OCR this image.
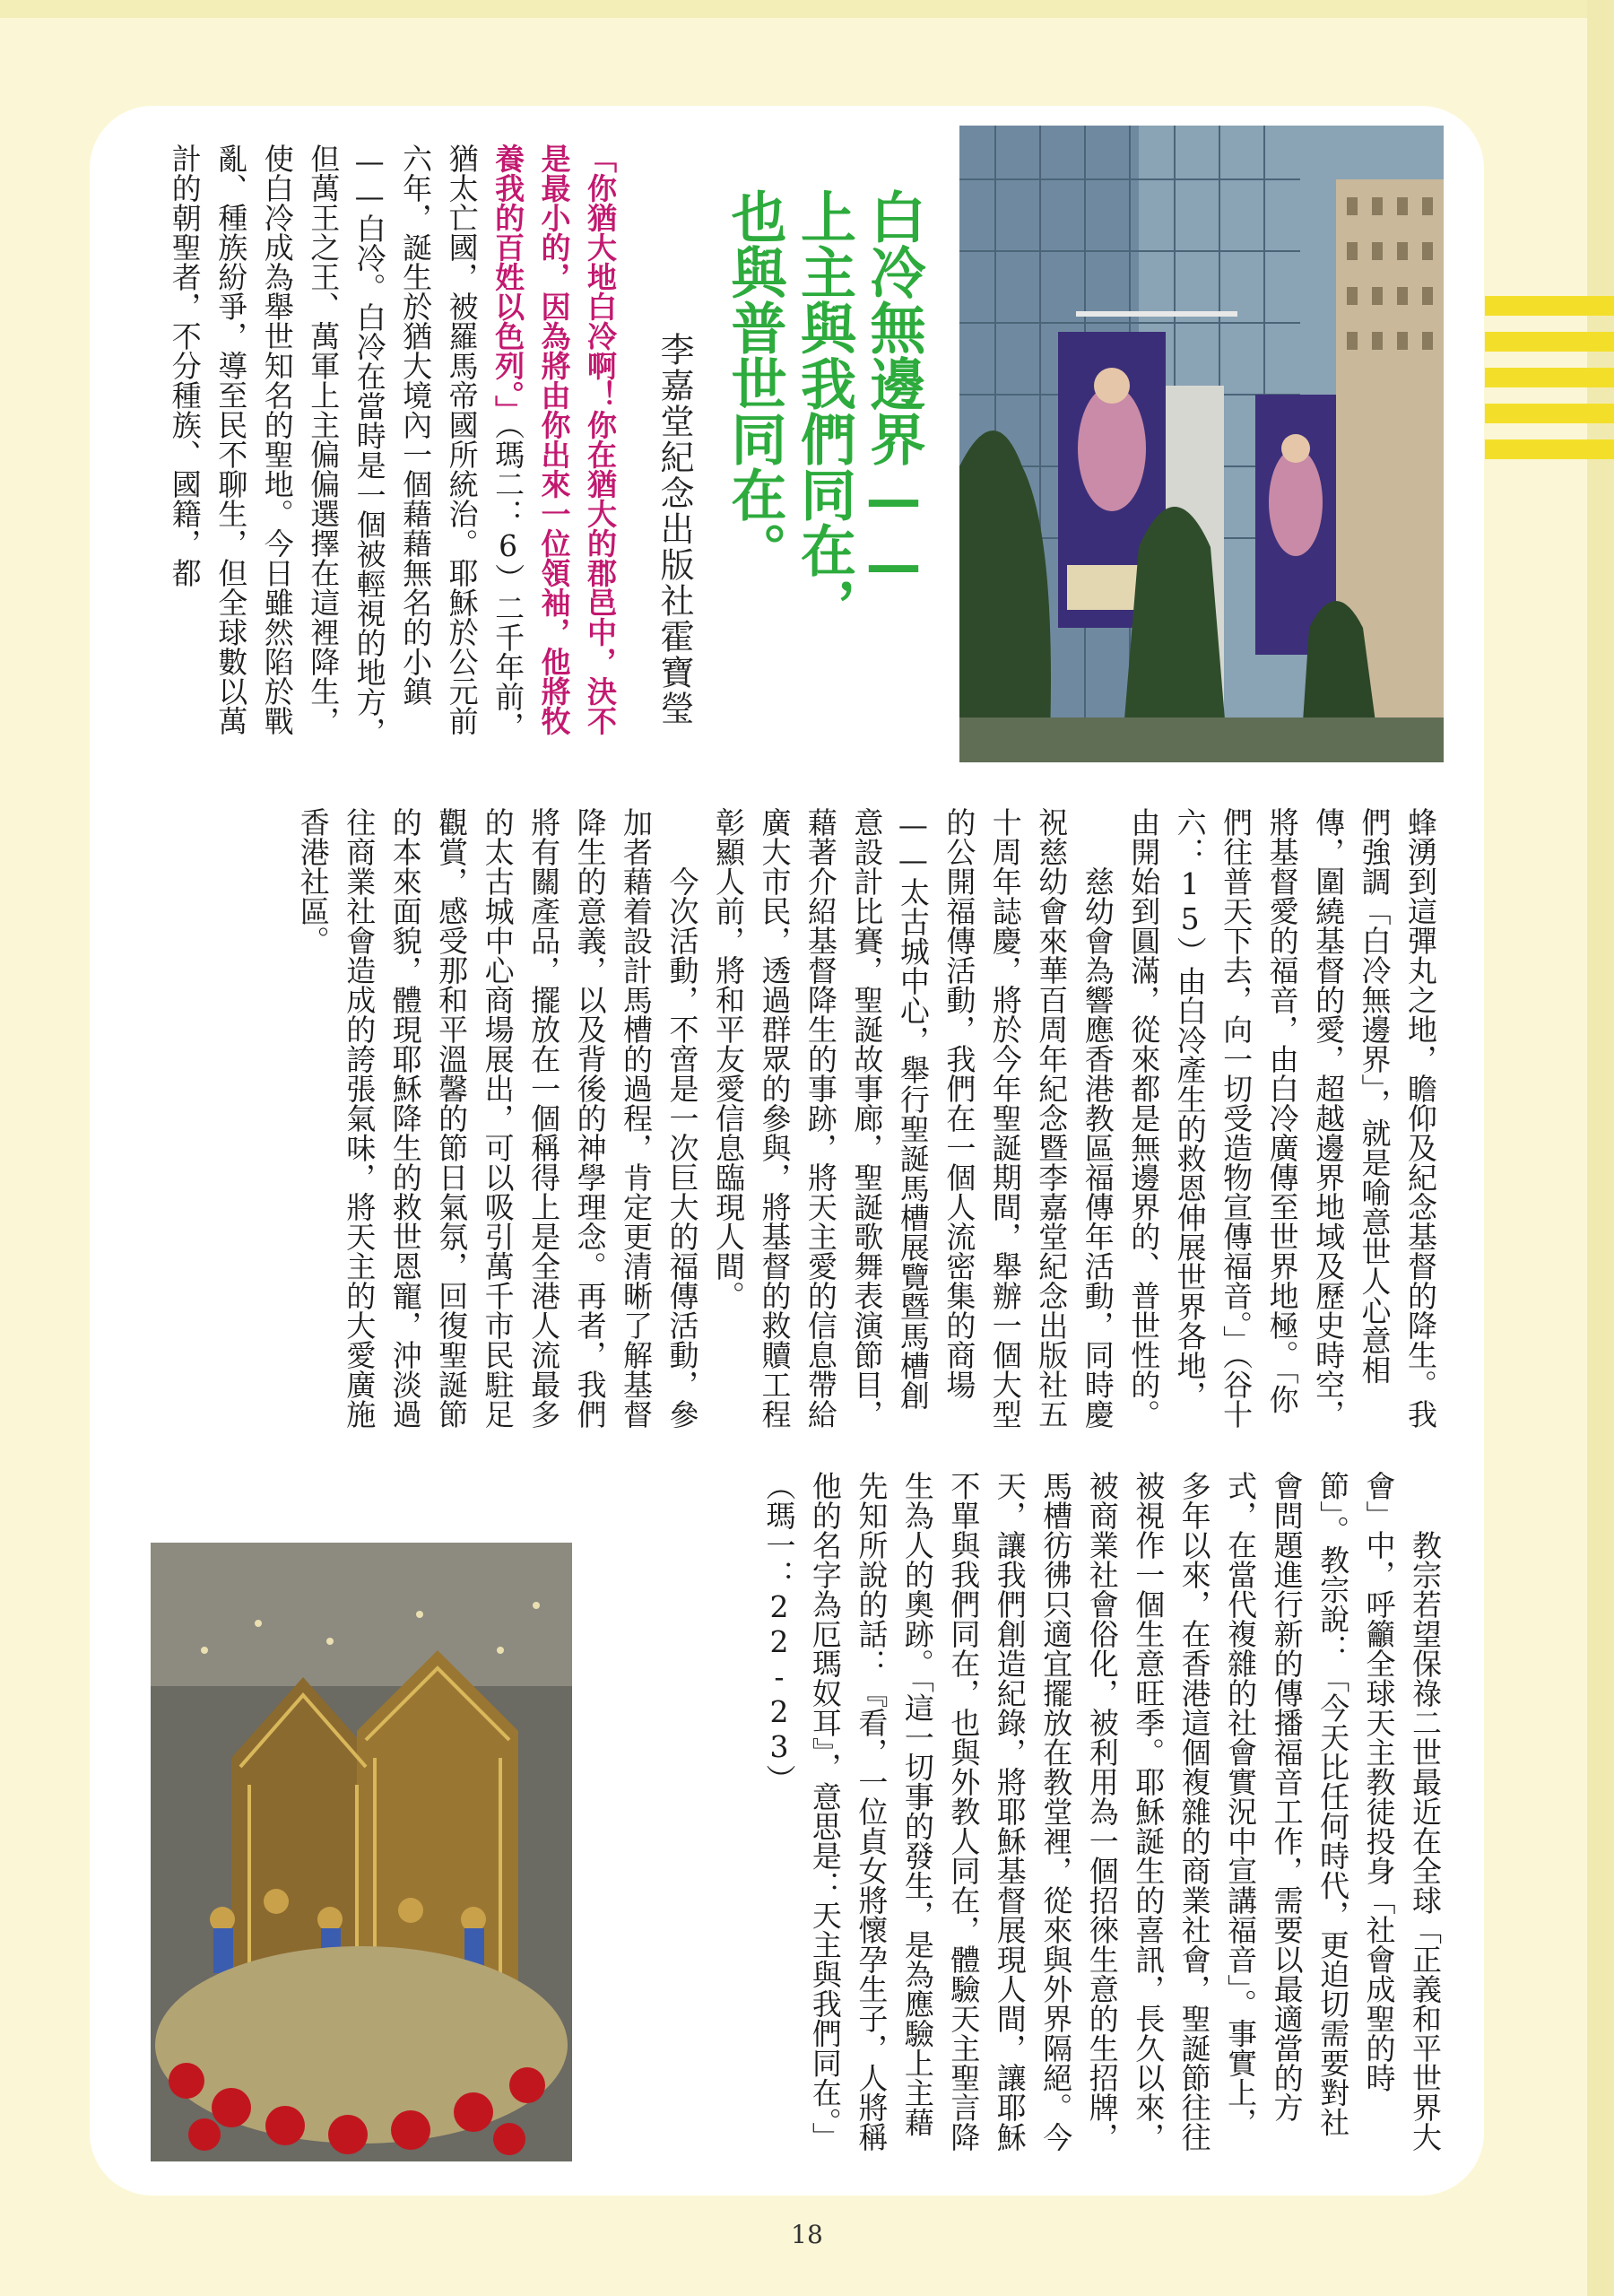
白冷無邊界——
上主與我們同在，
也與普世同在。

李嘉堂紀念出版社霍寶瑩

「你猶大地白冷啊！你在猶大的郡邑中，決不是最小的，因為將由你出來一位領袖，他將牧養我的百姓以色列。」（瑪二：6）二千年前，猶太亡國，被羅馬帝國所統治。耶穌於公元前六年，誕生於猶大境內一個藉藉無名的小鎮——白冷。白冷在當時是一個被輕視的地方，但萬王之王、萬軍上主偏偏選擇在這裡降生，使白冷成為舉世知名的聖地。今日雖然陷於戰亂、種族紛爭，導至民不聊生，但全球數以萬計的朝聖者，不分種族、國籍，都

蜂湧到這彈丸之地，瞻仰及紀念基督的降生。我們強調「白冷無邊界」，就是喻意世人心意相傳，圍繞基督的愛，超越邊界地域及歷史時空，將基督愛的福音，由白冷廣傳至世界地極。「你們往普天下去，向一切受造物宣傳福音。」（谷十六：15）由白冷產生的救恩伸展世界各地，由開始到圓滿，從來都是無邊界的、普世性的。

慈幼會為響應香港教區福傳年活動，同時慶祝慈幼會來華百周年紀念暨李嘉堂紀念出版社五十周年誌慶，將於今年聖誕期間，舉辦一個大型的公開福傳活動，我們在一個人流密集的商場——太古城中心，舉行聖誕馬槽展覽暨馬槽創意設計比賽，聖誕故事廊，聖誕歌舞表演節目，藉著介紹基督降生的事跡，將天主愛的信息帶給廣大市民，透過群眾的參與，將基督的救贖工程彰顯人前，將和平友愛信息臨現人間。

今次活動，不啻是一次巨大的福傳活動，參加者藉着設計馬槽的過程，肯定更清晰了解基督降生的意義，以及背後的神學理念。再者，我們將有關產品，擺放在一個稱得上是全港人流最多的太古城中心商場展出，可以吸引萬千市民駐足觀賞，感受那和平溫馨的節日氣氛，回復聖誕節的本來面貌，體現耶穌降生的救世恩寵，沖淡過往商業社會造成的誇張氣味，將天主的大愛廣施香港社區。

教宗若望保祿二世最近在全球「正義和平世界大會」中，呼籲全球天主教徒投身「社會成聖的時節」。教宗說：「今天比任何時代，更迫切需要對社會問題進行新的傳播福音工作，需要以最適當的方式，在當代複雜的社會實況中宣講福音」。事實上，多年以來，在香港這個複雜的商業社會，聖誕節往往被視作一個生意旺季。耶穌誕生的喜訊，長久以來，被商業社會俗化，被利用為一個招徠生意的生招牌，馬槽彷彿只適宜擺放在教堂裡，從來與外界隔絕。今天，讓我們創造紀錄，將耶穌基督展現人間，讓耶穌不單與我們同在，也與外教人同在，體驗天主聖言降生為人的奧跡。「這一切事的發生，是為應驗上主藉先知所說的話：『看，一位貞女將懷孕生子，人將稱他的名字為厄瑪奴耳』，意思是：天主與我們同在。」（瑪一：22-23）

18
